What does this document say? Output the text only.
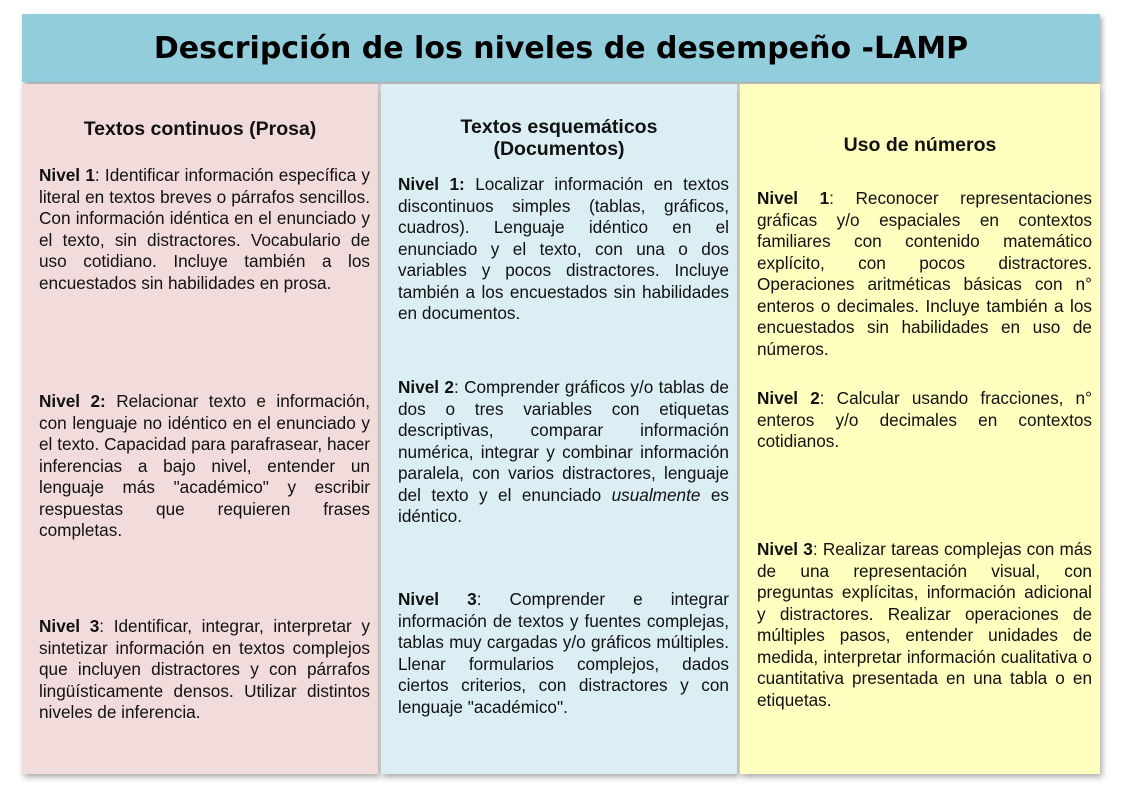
Descripción de los niveles de desempeño -LAMP
Textos continuos (Prosa)

Nivel 1: Identificar información específica y literal en textos breves o párrafos sencillos. Con información idéntica en el enunciado y el texto, sin distractores. Vocabulario de uso cotidiano. Incluye también a los encuestados sin habilidades en prosa.

Nivel 2: Relacionar texto e información, con lenguaje no idéntico en el enunciado y el texto. Capacidad para parafrasear, hacer inferencias a bajo nivel, entender un lenguaje más "académico" y escribir respuestas que requieren frases completas.

Nivel 3: Identificar, integrar, interpretar y sintetizar información en textos complejos que incluyen distractores y con párrafos lingüísticamente densos. Utilizar distintos niveles de inferencia.

Textos esquemáticos
(Documentos)

Nivel 1: Localizar información en textos discontinuos simples (tablas, gráficos, cuadros). Lenguaje idéntico en el enunciado y el texto, con una o dos variables y pocos distractores. Incluye también a los encuestados sin habilidades en documentos.

Nivel 2: Comprender gráficos y/o tablas de dos o tres variables con etiquetas descriptivas, comparar información numérica, integrar y combinar información paralela, con varios distractores, lenguaje del texto y el enunciado usualmente es idéntico.

Nivel 3: Comprender e integrar información de textos y fuentes complejas, tablas muy cargadas y/o gráficos múltiples. Llenar formularios complejos, dados ciertos criterios, con distractores y con lenguaje "académico".

Uso de números

Nivel 1: Reconocer representaciones gráficas y/o espaciales en contextos familiares con contenido matemático explícito, con pocos distractores. Operaciones aritméticas básicas con n° enteros o decimales. Incluye también a los encuestados sin habilidades en uso de números.

Nivel 2: Calcular usando fracciones, n° enteros y/o decimales en contextos cotidianos.

Nivel 3: Realizar tareas complejas con más de una representación visual, con preguntas explícitas, información adicional y distractores. Realizar operaciones de múltiples pasos, entender unidades de medida, interpretar información cualitativa o cuantitativa presentada en una tabla o en etiquetas.
